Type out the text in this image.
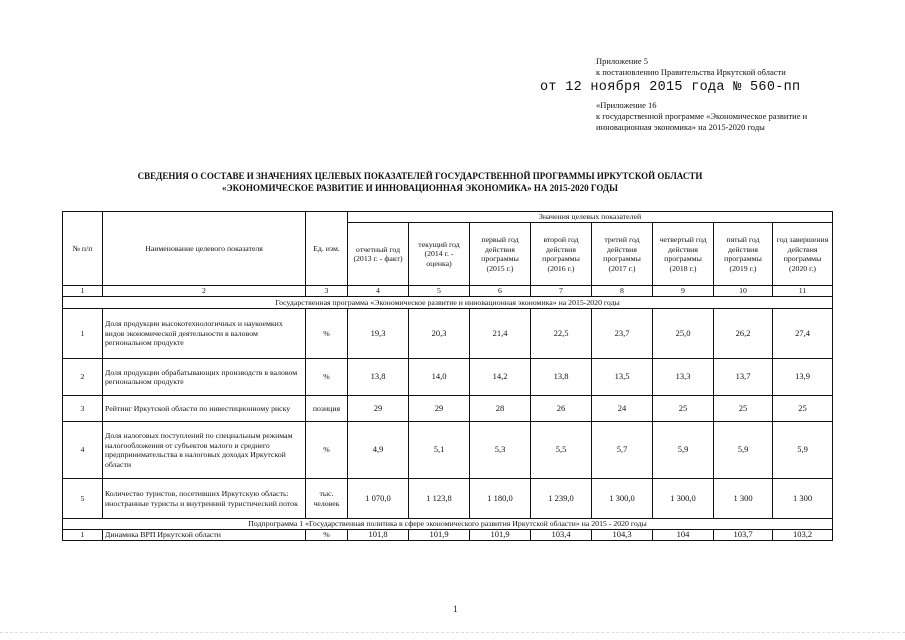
Приложение 5
к постановлению Правительства Иркутской области
от 12 ноября 2015 года № 560-пп
«Приложение 16
к государственной программе «Экономическое развитие и
инновационная экономика» на 2015-2020 годы
СВЕДЕНИЯ О СОСТАВЕ И ЗНАЧЕНИЯХ ЦЕЛЕВЫХ ПОКАЗАТЕЛЕЙ ГОСУДАРСТВЕННОЙ ПРОГРАММЫ ИРКУТСКОЙ ОБЛАСТИ
«ЭКОНОМИЧЕСКОЕ РАЗВИТИЕ И ИННОВАЦИОННАЯ ЭКОНОМИКА» НА 2015-2020 ГОДЫ
№ п/п	Наименование целевого показателя	Ед. изм.	Значения целевых показателей							
			отчетный год (2013 г. - факт)	текущий год (2014 г. - оценка)	первый год действия программы (2015 г.)	второй год действия программы (2016 г.)	третий год действия программы (2017 г.)	четвертый год действия программы (2018 г.)	пятый год действия программы (2019 г.)	год завершения действия программы (2020 г.)
1	2	3	4	5	6	7	8	9	10	11
Государственная программа «Экономическое развитие и инновационная экономика» на 2015-2020 годы										
1	Доля продукции высокотехнологичных и наукоемких видов экономической деятельности в валовом региональном продукте	%	19,3	20,3	21,4	22,5	23,7	25,0	26,2	27,4
2	Доля продукции обрабатывающих производств в валовом региональном продукте	%	13,8	14,0	14,2	13,8	13,5	13,3	13,7	13,9
3	Рейтинг Иркутской области по инвестиционному риску	позиция	29	29	28	26	24	25	25	25
4	Доля налоговых поступлений по специальным режимам налогообложения от субъектов малого и среднего предпринимательства в налоговых доходах Иркутской области	%	4,9	5,1	5,3	5,5	5,7	5,9	5,9	5,9
5	Количество туристов, посетивших Иркутскую область: иностранные туристы и внутренний туристический поток	тыс. человек	1 070,0	1 123,8	1 180,0	1 239,0	1 300,0	1 300,0	1 300	1 300
Подпрограмма 1 «Государственная политика в сфере экономического развития Иркутской области» на 2015 - 2020 годы										
1	Динамика ВРП Иркутской области	%	101,8	101,9	101,9	103,4	104,3	104	103,7	103,2
1
